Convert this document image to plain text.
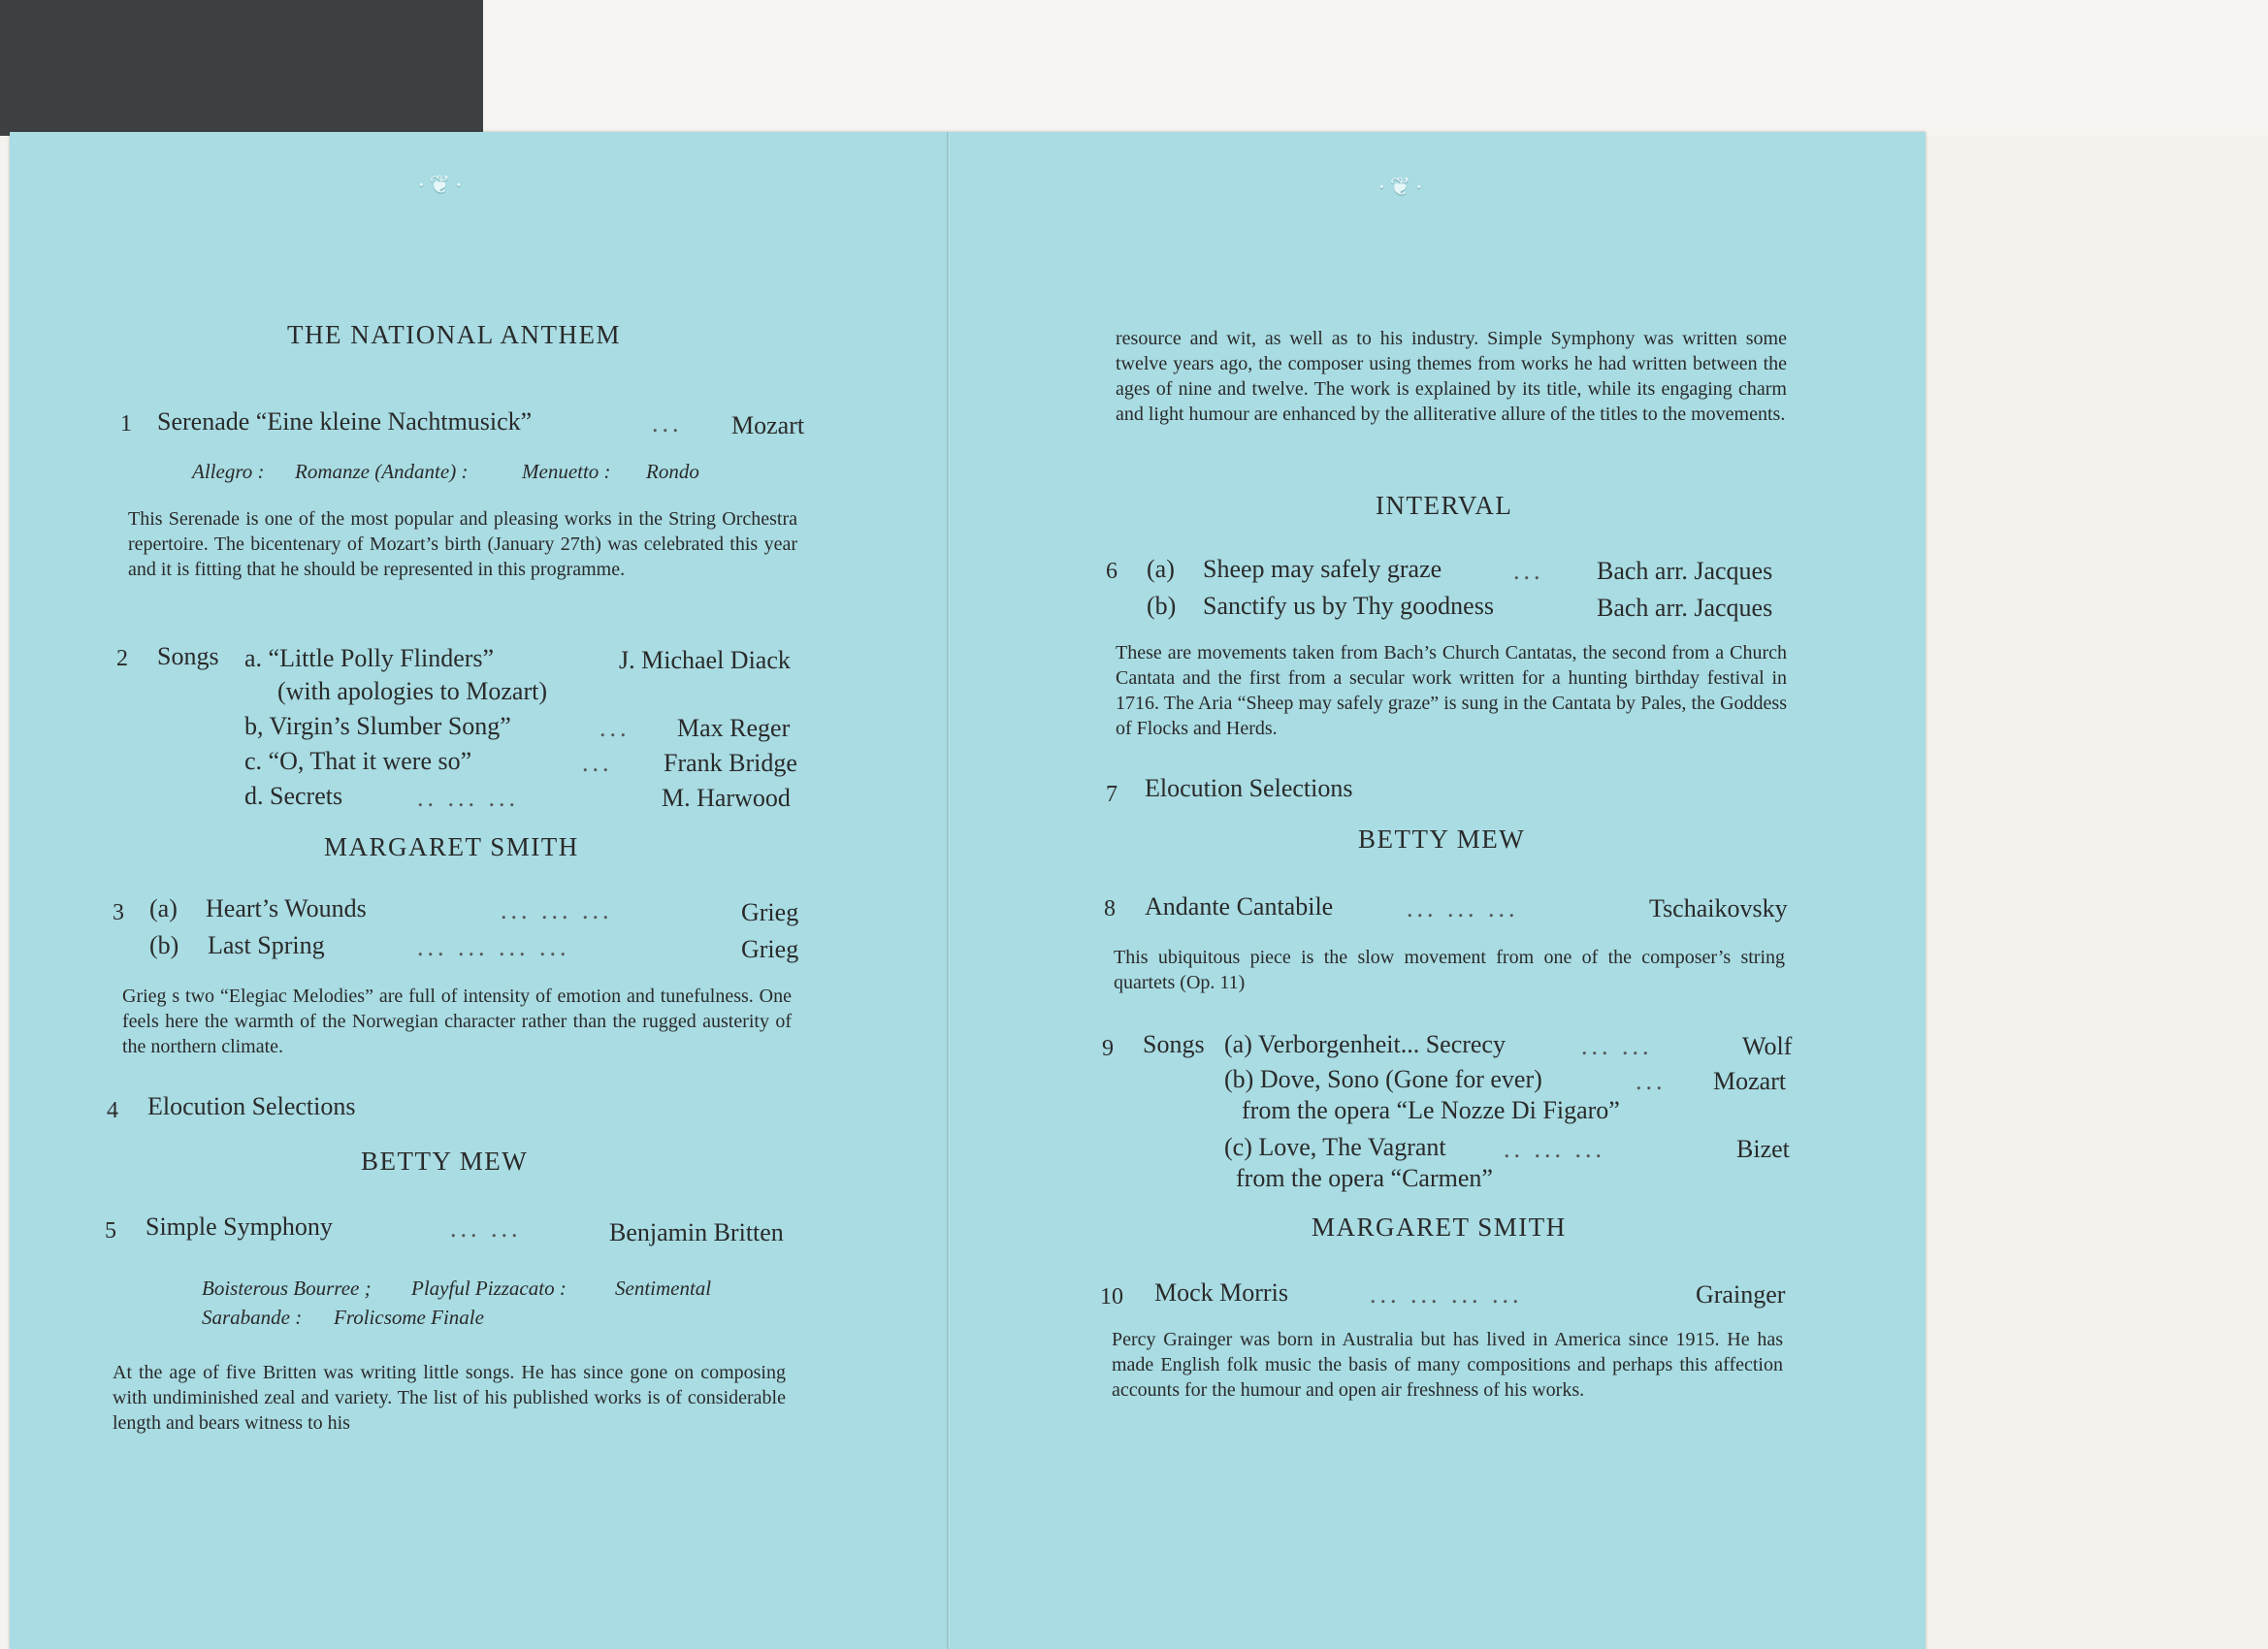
·❦·	·❦·
THE NATIONAL ANTHEM
1 Serenade “Eine kleine Nachtmusick”	... Mozart
Allegro : Romanze (Andante) :	Menuetto : Rondo
This Serenade is one of the most popular and pleasing works in the String Orchestra repertoire. The bicentenary of Mozart’s birth (January 27th) was celebrated this year and it is fitting that he should be represented in this programme.
2 Songs a. “Little Polly Flinders”	J. Michael Diack
(with apologies to Mozart)
b, Virgin’s Slumber Song”	... Max Reger
c. “O, That it were so”	... Frank Bridge
d. Secrets	.. ... ...	M. Harwood
MARGARET SMITH
3 (a) Heart’s Wounds	... ... ...	Grieg
(b) Last Spring	... ... ... ...	Grieg
Grieg s two “Elegiac Melodies” are full of intensity of emotion and tunefulness. One feels here the warmth of the Norwegian character rather than the rugged austerity of the northern climate.
4 Elocution Selections
BETTY MEW
5 Simple Symphony	... ...	Benjamin Britten
Boisterous Bourree ; Playful Pizzacato : Sentimental
Sarabande : Frolicsome Finale
At the age of five Britten was writing little songs. He has since gone on composing with undiminished zeal and variety. The list of his published works is of considerable length and bears witness to his
resource and wit, as well as to his industry. Simple Symphony was written some twelve years ago, the composer using themes from works he had written between the ages of nine and twelve. The work is explained by its title, while its engaging charm and light humour are enhanced by the alliterative allure of the titles to the movements.
INTERVAL
6 (a) Sheep may safely graze	... Bach arr. Jacques
(b) Sanctify us by Thy goodness	Bach arr. Jacques
These are movements taken from Bach’s Church Cantatas, the second from a Church Cantata and the first from a secular work written for a hunting birthday festival in 1716. The Aria “Sheep may safely graze” is sung in the Cantata by Pales, the Goddess of Flocks and Herds.
7 Elocution Selections
BETTY MEW
8 Andante Cantabile	... ... ...	Tschaikovsky
This ubiquitous piece is the slow movement from one of the composer’s string quartets (Op. 11)
9 Songs (a) Verborgenheit... Secrecy	... ...	Wolf
(b) Dove, Sono (Gone for ever)	... Mozart
from the opera “Le Nozze Di Figaro”
(c) Love, The Vagrant .. ... ...	Bizet
from the opera “Carmen”
MARGARET SMITH
10 Mock Morris	... ... ... ...	Grainger
Percy Grainger was born in Australia but has lived in America since 1915. He has made English folk music the basis of many compositions and perhaps this affection accounts for the humour and open air freshness of his works.
